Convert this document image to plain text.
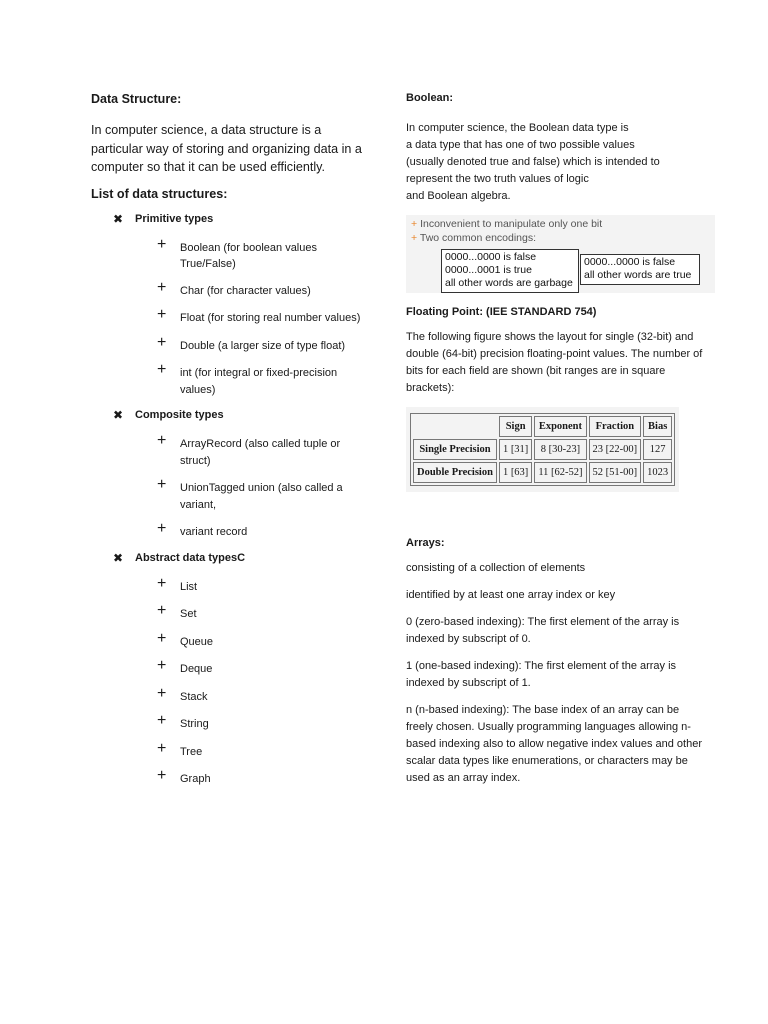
Data Structure:

In computer science, a data structure is a particular way of storing and organizing data in a computer so that it can be used efficiently.

List of data structures:
✖ Primitive types
+ Boolean (for boolean values True/False)
+ Char (for character values)
+ Float (for storing real number values)
+ Double (a larger size of type float)
+ int (for integral or fixed-precision values)
✖ Composite types
+ ArrayRecord (also called tuple or struct)
+ UnionTagged union (also called a variant,
+ variant record
✖ Abstract data typesC
+ List
+ Set
+ Queue
+ Deque
+ Stack
+ String
+ Tree
+ Graph
Boolean:
In computer science, the Boolean data type is
a data type that has one of two possible values
(usually denoted true and false) which is intended to
represent the two truth values of logic
and Boolean algebra.
+ Inconvenient to manipulate only one bit
+ Two common encodings:
0000...0000 is false
0000...0001 is true
all other words are garbage
0000...0000 is false
all other words are true
Floating Point: (IEE STANDARD 754)

The following figure shows the layout for single (32-bit) and double (64-bit) precision floating-point values. The number of bits for each field are shown (bit ranges are in square brackets):

	Sign	Exponent	Fraction	Bias
Single Precision	1 [31]	8 [30-23]	23 [22-00]	127
Double Precision	1 [63]	11 [62-52]	52 [51-00]	1023
Arrays:

consisting of a collection of elements

identified by at least one array index or key

0 (zero-based indexing): The first element of the array is indexed by subscript of 0.

1 (one-based indexing): The first element of the array is indexed by subscript of 1.

n (n-based indexing): The base index of an array can be freely chosen. Usually programming languages allowing n-based indexing also to allow negative index values and other scalar data types like enumerations, or characters may be used as an array index.
